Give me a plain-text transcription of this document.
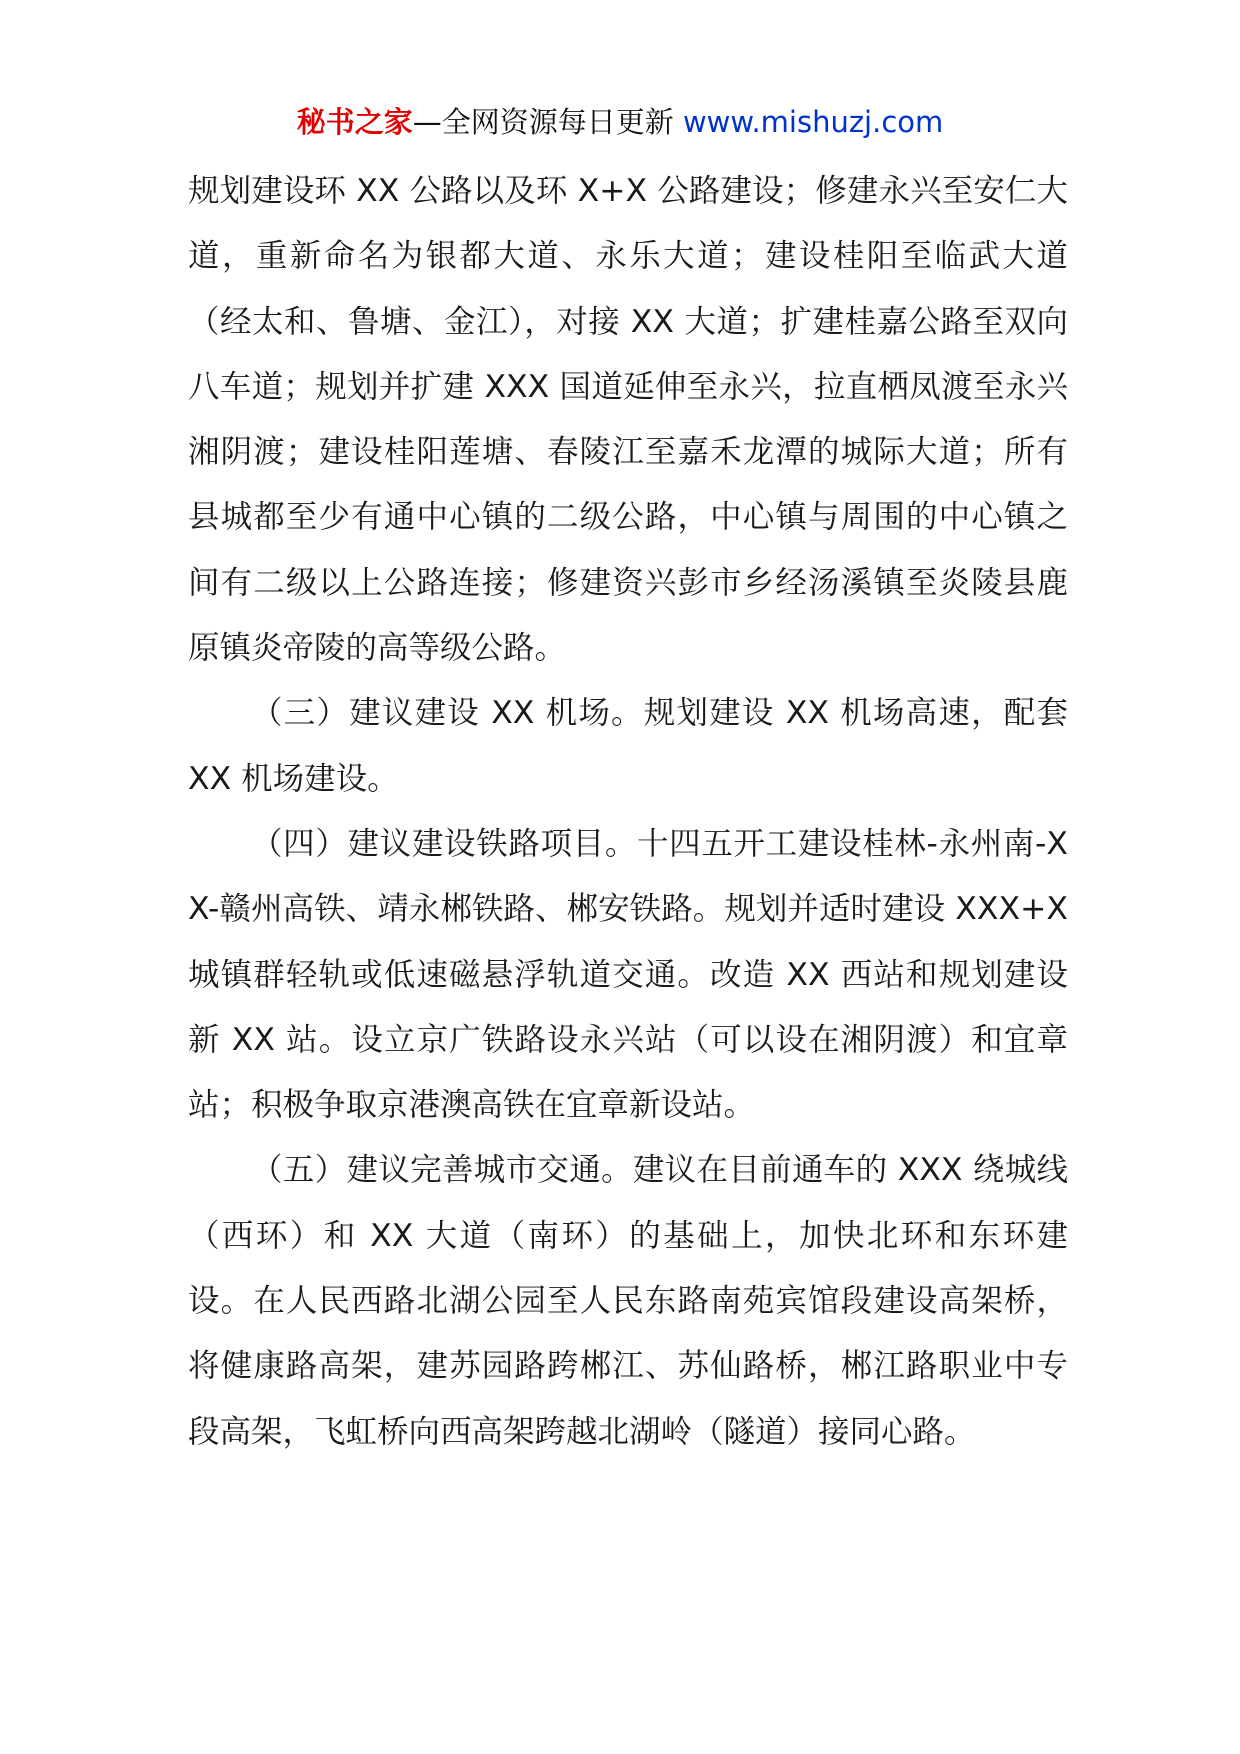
秘书之家—全网资源每日更新 www.mishuzj.com

规划建设环 XX 公路以及环 X+X 公路建设；修建永兴至安仁大道，重新命名为银都大道、永乐大道；建设桂阳至临武大道（经太和、鲁塘、金江），对接 XX 大道；扩建桂嘉公路至双向八车道；规划并扩建 XXX 国道延伸至永兴，拉直栖凤渡至永兴湘阴渡；建设桂阳莲塘、春陵江至嘉禾龙潭的城际大道；所有县城都至少有通中心镇的二级公路，中心镇与周围的中心镇之间有二级以上公路连接；修建资兴彭市乡经汤溪镇至炎陵县鹿原镇炎帝陵的高等级公路。

（三）建议建设 XX 机场。规划建设 XX 机场高速，配套 XX 机场建设。

（四）建议建设铁路项目。十四五开工建设桂林-永州南-XX-赣州高铁、靖永郴铁路、郴安铁路。规划并适时建设 XXX+X 城镇群轻轨或低速磁悬浮轨道交通。改造 XX 西站和规划建设新 XX 站。设立京广铁路设永兴站（可以设在湘阴渡）和宜章站；积极争取京港澳高铁在宜章新设站。

（五）建议完善城市交通。建议在目前通车的 XXX 绕城线（西环）和 XX 大道（南环）的基础上，加快北环和东环建设。在人民西路北湖公园至人民东路南苑宾馆段建设高架桥，将健康路高架，建苏园路跨郴江、苏仙路桥，郴江路职业中专段高架，飞虹桥向西高架跨越北湖岭（隧道）接同心路。
